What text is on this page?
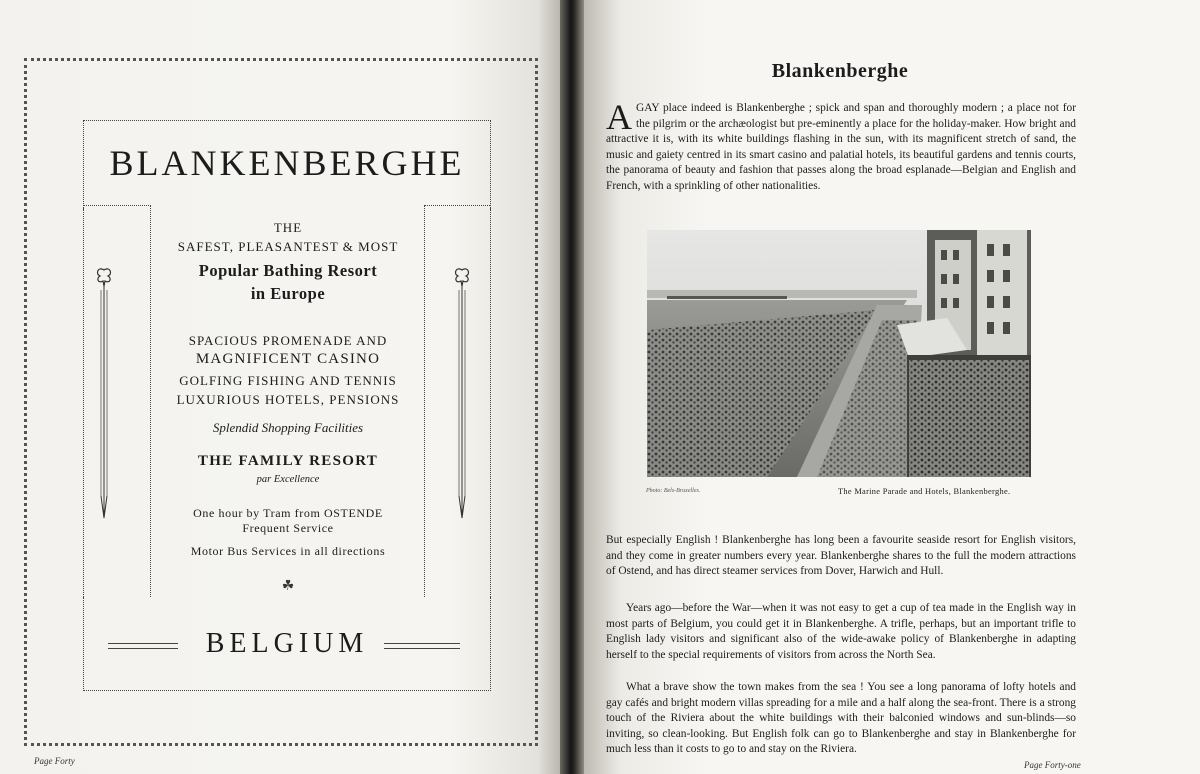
BLANKENBERGHE
THE
SAFEST, PLEASANTEST & MOST
Popular Bathing Resort
in Europe
SPACIOUS PROMENADE AND
MAGNIFICENT CASINO
GOLFING FISHING AND TENNIS
LUXURIOUS HOTELS, PENSIONS
Splendid Shopping Facilities
THE FAMILY RESORT
par Excellence
One hour by Tram from OSTENDE
Frequent Service
Motor Bus Services in all directions
☘
BELGIUM
Page Forty
Blankenberghe
A GAY place indeed is Blankenberghe ; spick and span and thoroughly modern ; a place not for the pilgrim or the archæologist but pre-eminently a place for the holiday-maker. How bright and attractive it is, with its white buildings flashing in the sun, with its magnificent stretch of sand, the music and gaiety centred in its smart casino and palatial hotels, its beautiful gardens and tennis courts, the panorama of beauty and fashion that passes along the broad esplanade—Belgian and English and French, with a sprinkling of other nationalities.
Photo: Bels-Bruxelles.	The Marine Parade and Hotels, Blankenberghe.
But especially English ! Blankenberghe has long been a favourite seaside resort for English visitors, and they come in greater numbers every year. Blankenberghe shares to the full the modern attractions of Ostend, and has direct steamer services from Dover, Harwich and Hull.
Years ago—before the War—when it was not easy to get a cup of tea made in the English way in most parts of Belgium, you could get it in Blankenberghe. A trifle, perhaps, but an important trifle to English lady visitors and significant also of the wide-awake policy of Blankenberghe in adapting herself to the special requirements of visitors from across the North Sea.
What a brave show the town makes from the sea ! You see a long panorama of lofty hotels and gay cafés and bright modern villas spreading for a mile and a half along the sea-front. There is a strong touch of the Riviera about the white buildings with their balconied windows and sun-blinds—so inviting, so clean-looking. But English folk can go to Blankenberghe and stay in Blankenberghe for much less than it costs to go to and stay on the Riviera.
Page Forty-one
